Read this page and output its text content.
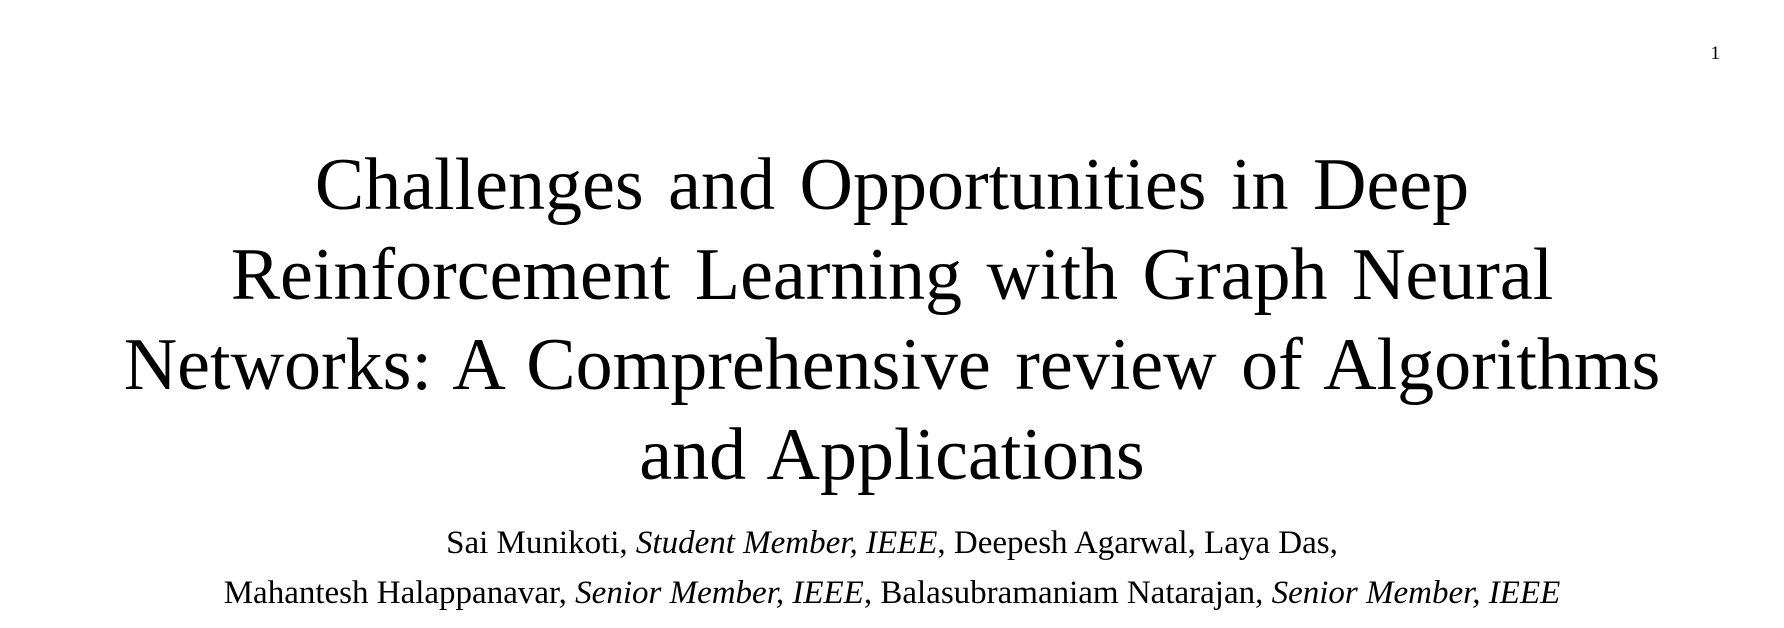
1
Challenges and Opportunities in Deep
Reinforcement Learning with Graph Neural
Networks: A Comprehensive review of Algorithms
and Applications
Sai Munikoti, Student Member, IEEE, Deepesh Agarwal, Laya Das,
Mahantesh Halappanavar, Senior Member, IEEE, Balasubramaniam Natarajan, Senior Member, IEEE
